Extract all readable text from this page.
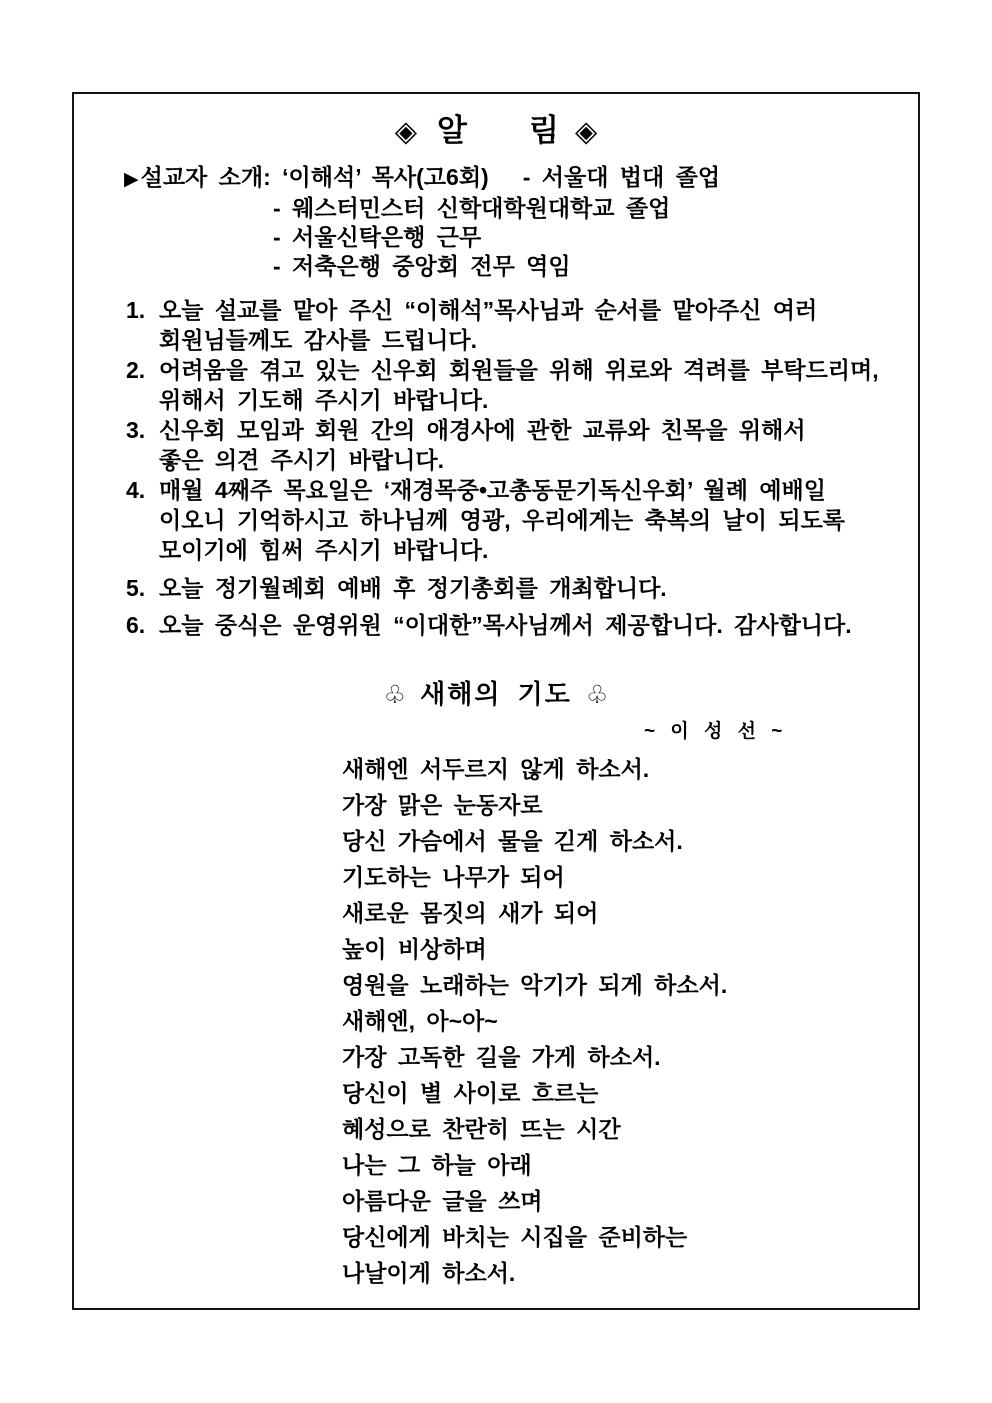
◈ 알 림 ◈
▶ 설교자 소개: ‘이해석’ 목사(고6회) - 서울대 법대 졸업
- 웨스터민스터 신학대학원대학교 졸업
- 서울신탁은행 근무
- 저축은행 중앙회 전무 역임
1. 오늘 설교를 맡아 주신 “이해석”목사님과 순서를 맡아주신 여러
회원님들께도 감사를 드립니다.
2. 어려움을 겪고 있는 신우회 회원들을 위해 위로와 격려를 부탁드리며,
위해서 기도해 주시기 바랍니다.
3. 신우회 모임과 회원 간의 애경사에 관한 교류와 친목을 위해서
좋은 의견 주시기 바랍니다.
4. 매월 4째주 목요일은 ‘재경목중•고총동문기독신우회’ 월례 예배일
이오니 기억하시고 하나님께 영광, 우리에게는 축복의 날이 되도록
모이기에 힘써 주시기 바랍니다.
5. 오늘 정기월례회 예배 후 정기총회를 개최합니다.
6. 오늘 중식은 운영위원 “이대한”목사님께서 제공합니다. 감사합니다.
♧ 새해의 기도 ♧
~ 이 성 선 ~
새해엔 서두르지 않게 하소서.
가장 맑은 눈동자로
당신 가슴에서 물을 긷게 하소서.
기도하는 나무가 되어
새로운 몸짓의 새가 되어
높이 비상하며
영원을 노래하는 악기가 되게 하소서.
새해엔, 아~아~
가장 고독한 길을 가게 하소서.
당신이 별 사이로 흐르는
혜성으로 찬란히 뜨는 시간
나는 그 하늘 아래
아름다운 글을 쓰며
당신에게 바치는 시집을 준비하는
나날이게 하소서.
